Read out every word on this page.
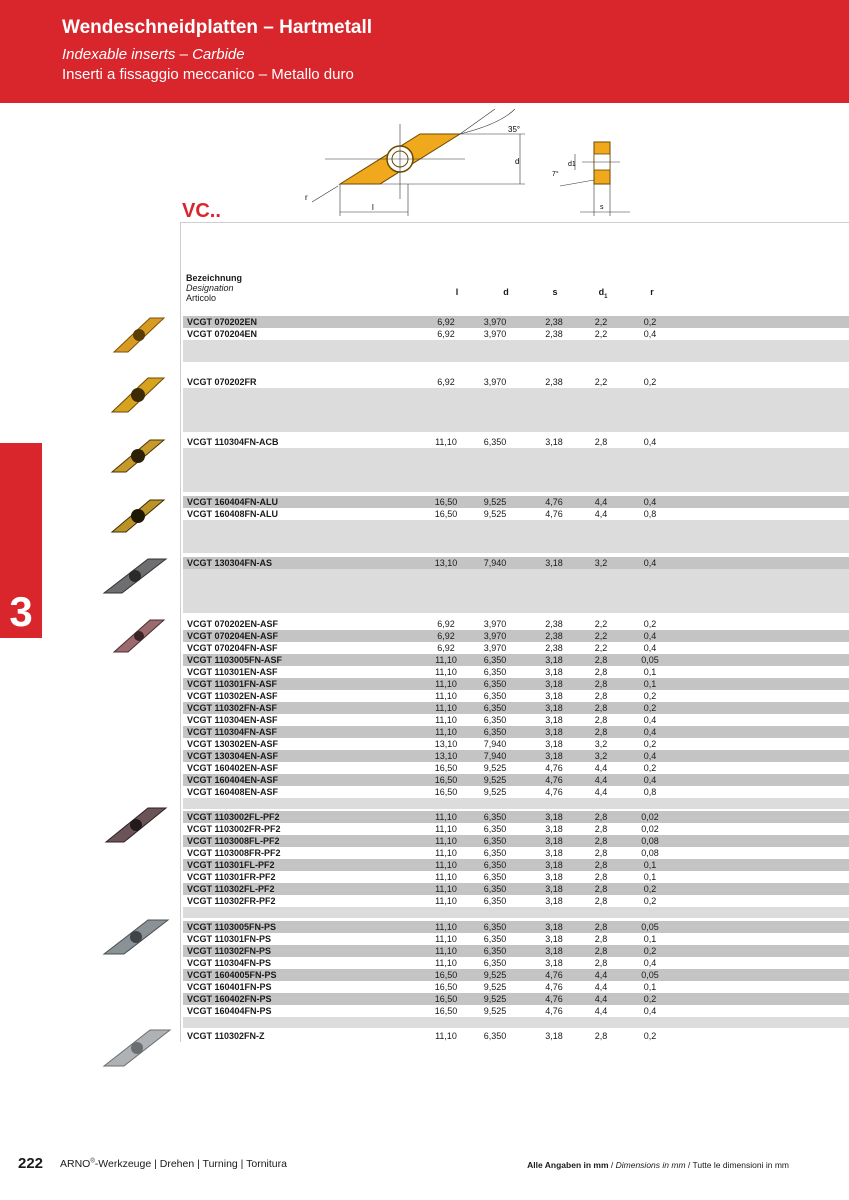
Wendeschneidplatten – Hartmetall
Indexable inserts – Carbide
Inserti a fissaggio meccanico – Metallo duro
3
d
35°
l
r
d1
7°
s
VC..
Bezeichnung
Designation
Articolo
l	d	s	$d_1$	r
VCGT 070202EN	6,92	3,970	2,38	2,2	0,2
VCGT 070204EN	6,92	3,970	2,38	2,2	0,4
VCGT 070202FR	6,92	3,970	2,38	2,2	0,2
VCGT 110304FN-ACB	11,10	6,350	3,18	2,8	0,4
VCGT 160404FN-ALU	16,50	9,525	4,76	4,4	0,4
VCGT 160408FN-ALU	16,50	9,525	4,76	4,4	0,8
VCGT 130304FN-AS	13,10	7,940	3,18	3,2	0,4
VCGT 070202EN-ASF	6,92	3,970	2,38	2,2	0,2
VCGT 070204EN-ASF	6,92	3,970	2,38	2,2	0,4
VCGT 070204FN-ASF	6,92	3,970	2,38	2,2	0,4
VCGT 1103005FN-ASF	11,10	6,350	3,18	2,8	0,05
VCGT 110301EN-ASF	11,10	6,350	3,18	2,8	0,1
VCGT 110301FN-ASF	11,10	6,350	3,18	2,8	0,1
VCGT 110302EN-ASF	11,10	6,350	3,18	2,8	0,2
VCGT 110302FN-ASF	11,10	6,350	3,18	2,8	0,2
VCGT 110304EN-ASF	11,10	6,350	3,18	2,8	0,4
VCGT 110304FN-ASF	11,10	6,350	3,18	2,8	0,4
VCGT 130302EN-ASF	13,10	7,940	3,18	3,2	0,2
VCGT 130304EN-ASF	13,10	7,940	3,18	3,2	0,4
VCGT 160402EN-ASF	16,50	9,525	4,76	4,4	0,2
VCGT 160404EN-ASF	16,50	9,525	4,76	4,4	0,4
VCGT 160408EN-ASF	16,50	9,525	4,76	4,4	0,8
VCGT 1103002FL-PF2	11,10	6,350	3,18	2,8	0,02
VCGT 1103002FR-PF2	11,10	6,350	3,18	2,8	0,02
VCGT 1103008FL-PF2	11,10	6,350	3,18	2,8	0,08
VCGT 1103008FR-PF2	11,10	6,350	3,18	2,8	0,08
VCGT 110301FL-PF2	11,10	6,350	3,18	2,8	0,1
VCGT 110301FR-PF2	11,10	6,350	3,18	2,8	0,1
VCGT 110302FL-PF2	11,10	6,350	3,18	2,8	0,2
VCGT 110302FR-PF2	11,10	6,350	3,18	2,8	0,2
VCGT 1103005FN-PS	11,10	6,350	3,18	2,8	0,05
VCGT 110301FN-PS	11,10	6,350	3,18	2,8	0,1
VCGT 110302FN-PS	11,10	6,350	3,18	2,8	0,2
VCGT 110304FN-PS	11,10	6,350	3,18	2,8	0,4
VCGT 1604005FN-PS	16,50	9,525	4,76	4,4	0,05
VCGT 160401FN-PS	16,50	9,525	4,76	4,4	0,1
VCGT 160402FN-PS	16,50	9,525	4,76	4,4	0,2
VCGT 160404FN-PS	16,50	9,525	4,76	4,4	0,4
VCGT 110302FN-Z	11,10	6,350	3,18	2,8	0,2
222 ARNO®-Werkzeuge | Drehen | Turning | Tornitura	Alle Angaben in mm / Dimensions in mm / Tutte le dimensioni in mm
